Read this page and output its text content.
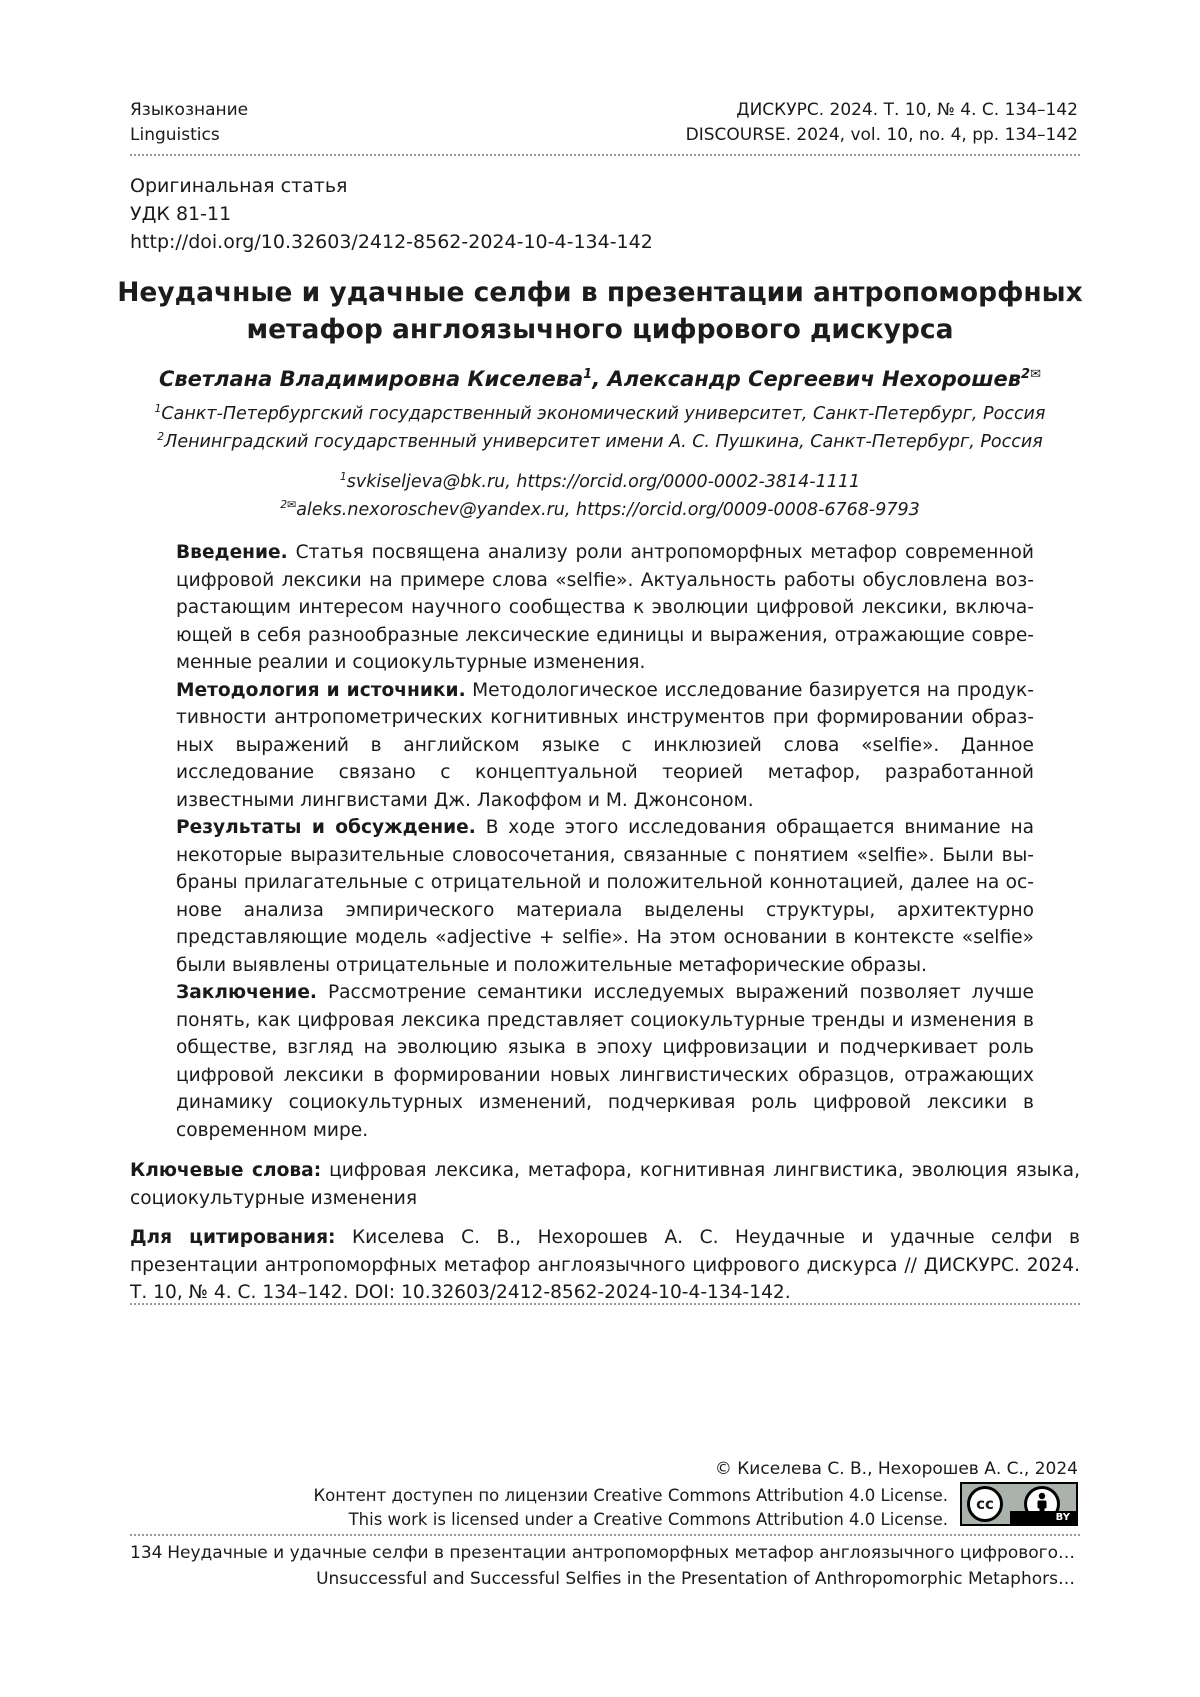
Языкознание
Linguistics
ДИСКУРС. 2024. Т. 10, № 4. С. 134–142
DISCOURSE. 2024, vol. 10, no. 4, pp. 134–142
Оригинальная статья
УДК 81-11
http://doi.org/10.32603/2412-8562-2024-10-4-134-142
Неудачные и удачные селфи в презентации антропоморфных
метафор англоязычного цифрового дискурса
Светлана Владимировна Киселева$^1$, Александр Сергеевич Нехорошев$^{2✉}$
$^1$Санкт-Петербургский государственный экономический университет, Санкт-Петербург, Россия
$^2$Ленинградский государственный университет имени А. С. Пушкина, Санкт-Петербург, Россия
$^1$svkiseljeva@bk.ru, https://orcid.org/0000-0002-3814-1111
$^{2✉}$aleks.nexoroschev@yandex.ru, https://orcid.org/0009-0008-6768-9793

Введение. Статья посвящена анализу роли антропоморфных метафор современной цифровой лексики на примере слова «selfie». Актуальность работы обусловлена возрастающим интересом научного сообщества к эволюции цифровой лексики, включающей в себя разнообразные лексические единицы и выражения, отражающие современные реалии и социокультурные изменения.

Методология и источники. Методологическое исследование базируется на продуктивности антропометрических когнитивных инструментов при формировании образных выражений в английском языке с инклюзией слова «selfie». Данное исследование связано с концептуальной теорией метафор, разработанной известными лингвистами Дж. Лакоффом и М. Джонсоном.

Результаты и обсуждение. В ходе этого исследования обращается внимание на некоторые выразительные словосочетания, связанные с понятием «selfie». Были выбраны прилагательные с отрицательной и положительной коннотацией, далее на основе анализа эмпирического материала выделены структуры, архитектурно представляющие модель «adjective + selfie». На этом основании в контексте «selfie» были выявлены отрицательные и положительные метафорические образы.

Заключение. Рассмотрение семантики исследуемых выражений позволяет лучше понять, как цифровая лексика представляет социокультурные тренды и изменения в обществе, взгляд на эволюцию языка в эпоху цифровизации и подчеркивает роль цифровой лексики в формировании новых лингвистических образцов, отражающих динамику социокультурных изменений, подчеркивая роль цифровой лексики в современном мире.

Ключевые слова: цифровая лексика, метафора, когнитивная лингвистика, эволюция языка, социокультурные изменения

Для цитирования: Киселева С. В., Нехорошев А. С. Неудачные и удачные селфи в презентации антропоморфных метафор англоязычного цифрового дискурса // ДИСКУРС. 2024. Т. 10, № 4. С. 134–142. DOI: 10.32603/2412-8562-2024-10-4-134-142.

© Киселева С. В., Нехорошев А. С., 2024
Контент доступен по лицензии Creative Commons Attribution 4.0 License.
This work is licensed under a Creative Commons Attribution 4.0 License.
cc
BY
134 Неудачные и удачные селфи в презентации антропоморфных метафор англоязычного цифрового…
Unsuccessful and Successful Selfies in the Presentation of Anthropomorphic Metaphors…
